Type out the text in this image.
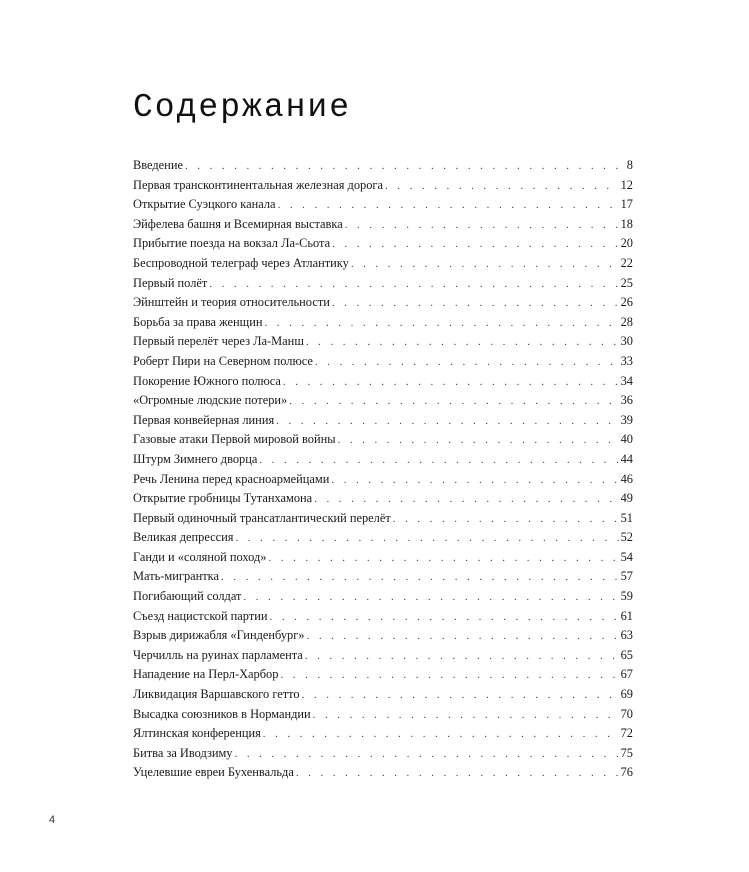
Содержание
Введение . . .	8
Первая трансконтинентальная железная дорога . . .	12
Открытие Суэцкого канала . . .	17
Эйфелева башня и Всемирная выставка . . .	18
Прибытие поезда на вокзал Ла-Сьота . . .	20
Беспроводной телеграф через Атлантику . . .	22
Первый полёт . . .	25
Эйнштейн и теория относительности . . .	26
Борьба за права женщин . . .	28
Первый перелёт через Ла-Манш . . .	30
Роберт Пири на Северном полюсе . . .	33
Покорение Южного полюса . . .	34
«Огромные людские потери» . . .	36
Первая конвейерная линия . . .	39
Газовые атаки Первой мировой войны . . .	40
Штурм Зимнего дворца . . .	44
Речь Ленина перед красноармейцами . . .	46
Открытие гробницы Тутанхамона . . .	49
Первый одиночный трансатлантический перелёт . . .	51
Великая депрессия . . .	52
Ганди и «соляной поход» . . .	54
Мать-мигрантка . . .	57
Погибающий солдат . . .	59
Съезд нацистской партии . . .	61
Взрыв дирижабля «Гинденбург» . . .	63
Черчилль на руинах парламента . . .	65
Нападение на Перл-Харбор . . .	67
Ликвидация Варшавского гетто . . .	69
Высадка союзников в Нормандии . . .	70
Ялтинская конференция . . .	72
Битва за Иводзиму . . .	75
Уцелевшие евреи Бухенвальда . . .	76
4
